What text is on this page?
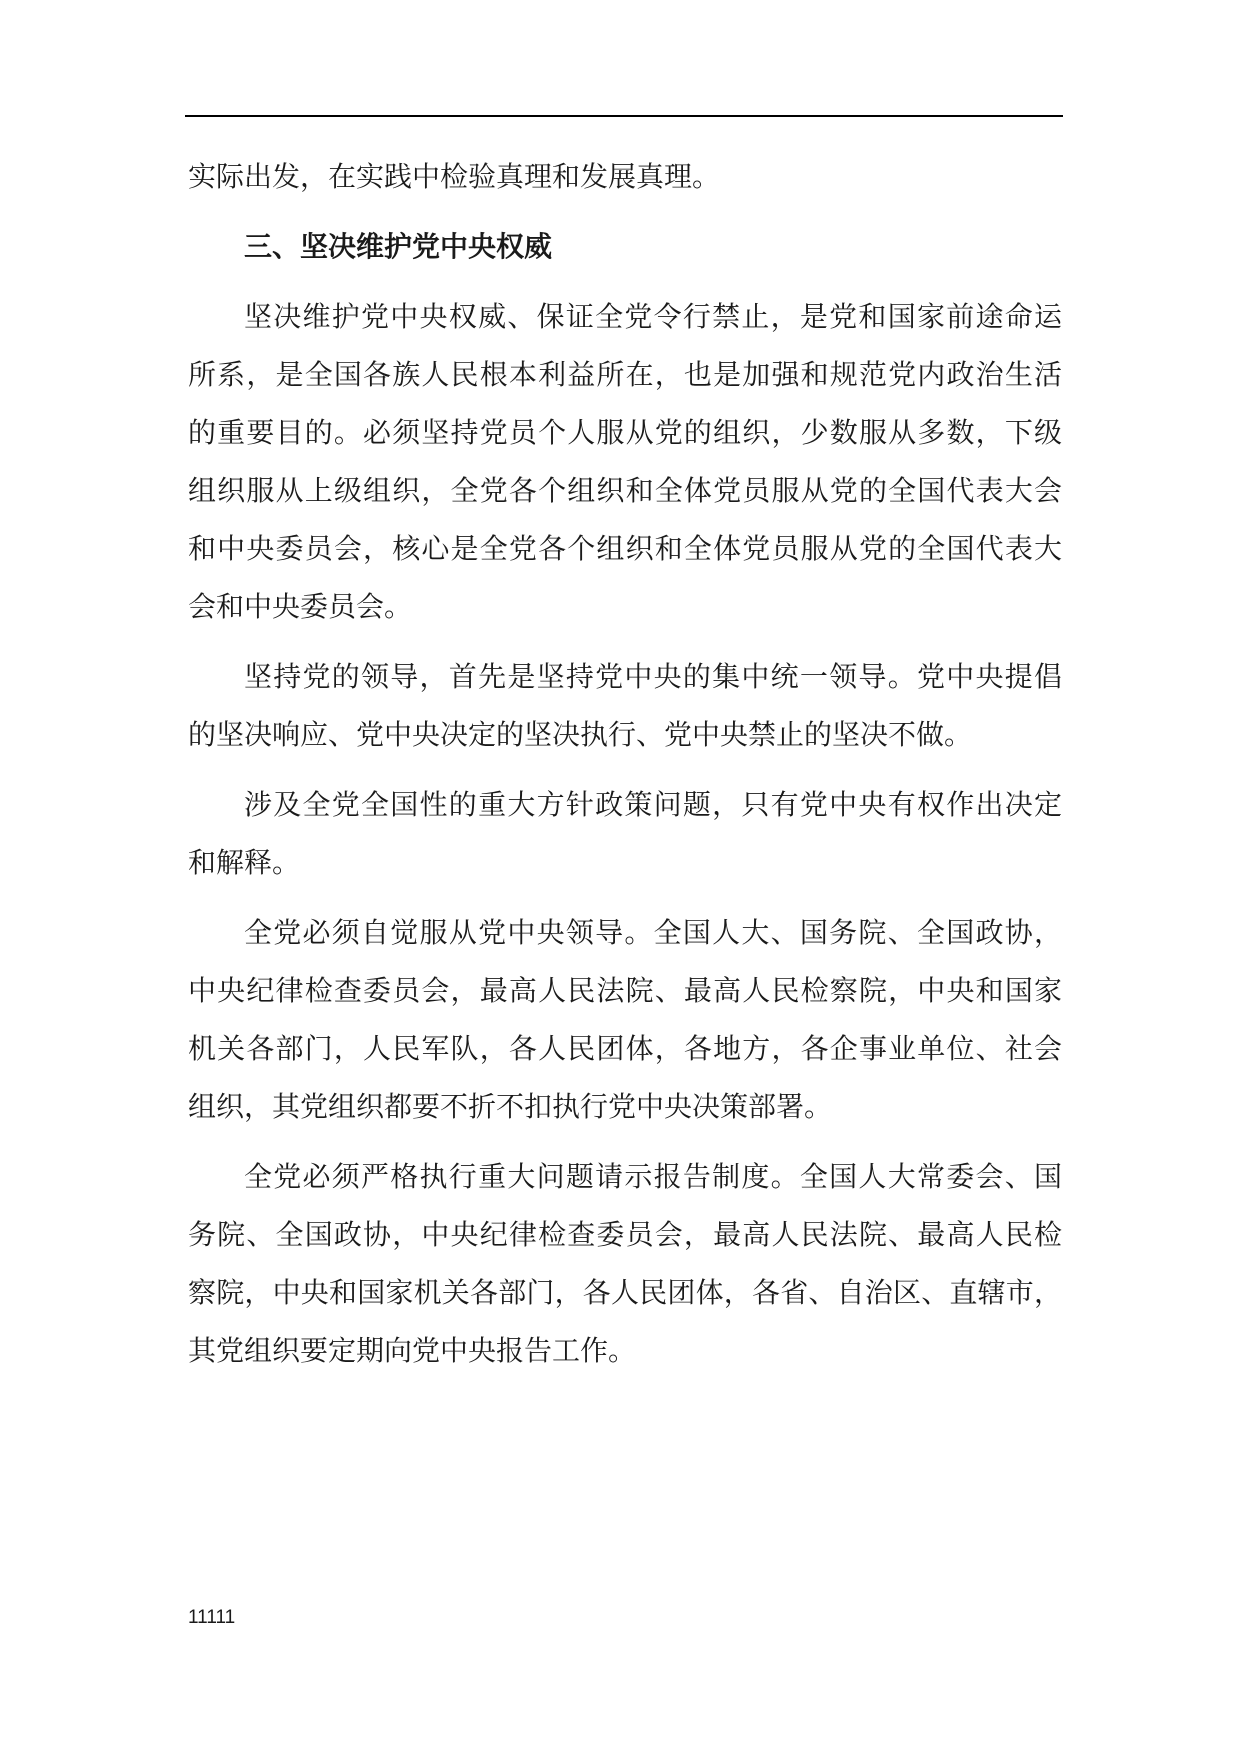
实际出发，在实践中检验真理和发展真理。
三、坚决维护党中央权威
坚决维护党中央权威、保证全党令行禁止，是党和国家前途命运
所系，是全国各族人民根本利益所在，也是加强和规范党内政治生活
的重要目的。必须坚持党员个人服从党的组织，少数服从多数，下级
组织服从上级组织，全党各个组织和全体党员服从党的全国代表大会
和中央委员会，核心是全党各个组织和全体党员服从党的全国代表大
会和中央委员会。
坚持党的领导，首先是坚持党中央的集中统一领导。党中央提倡
的坚决响应、党中央决定的坚决执行、党中央禁止的坚决不做。
涉及全党全国性的重大方针政策问题，只有党中央有权作出决定
和解释。
全党必须自觉服从党中央领导。全国人大、国务院、全国政协，
中央纪律检查委员会，最高人民法院、最高人民检察院，中央和国家
机关各部门，人民军队，各人民团体，各地方，各企事业单位、社会
组织，其党组织都要不折不扣执行党中央决策部署。
全党必须严格执行重大问题请示报告制度。全国人大常委会、国
务院、全国政协，中央纪律检查委员会，最高人民法院、最高人民检
察院，中央和国家机关各部门，各人民团体，各省、自治区、直辖市，
其党组织要定期向党中央报告工作。
11111
